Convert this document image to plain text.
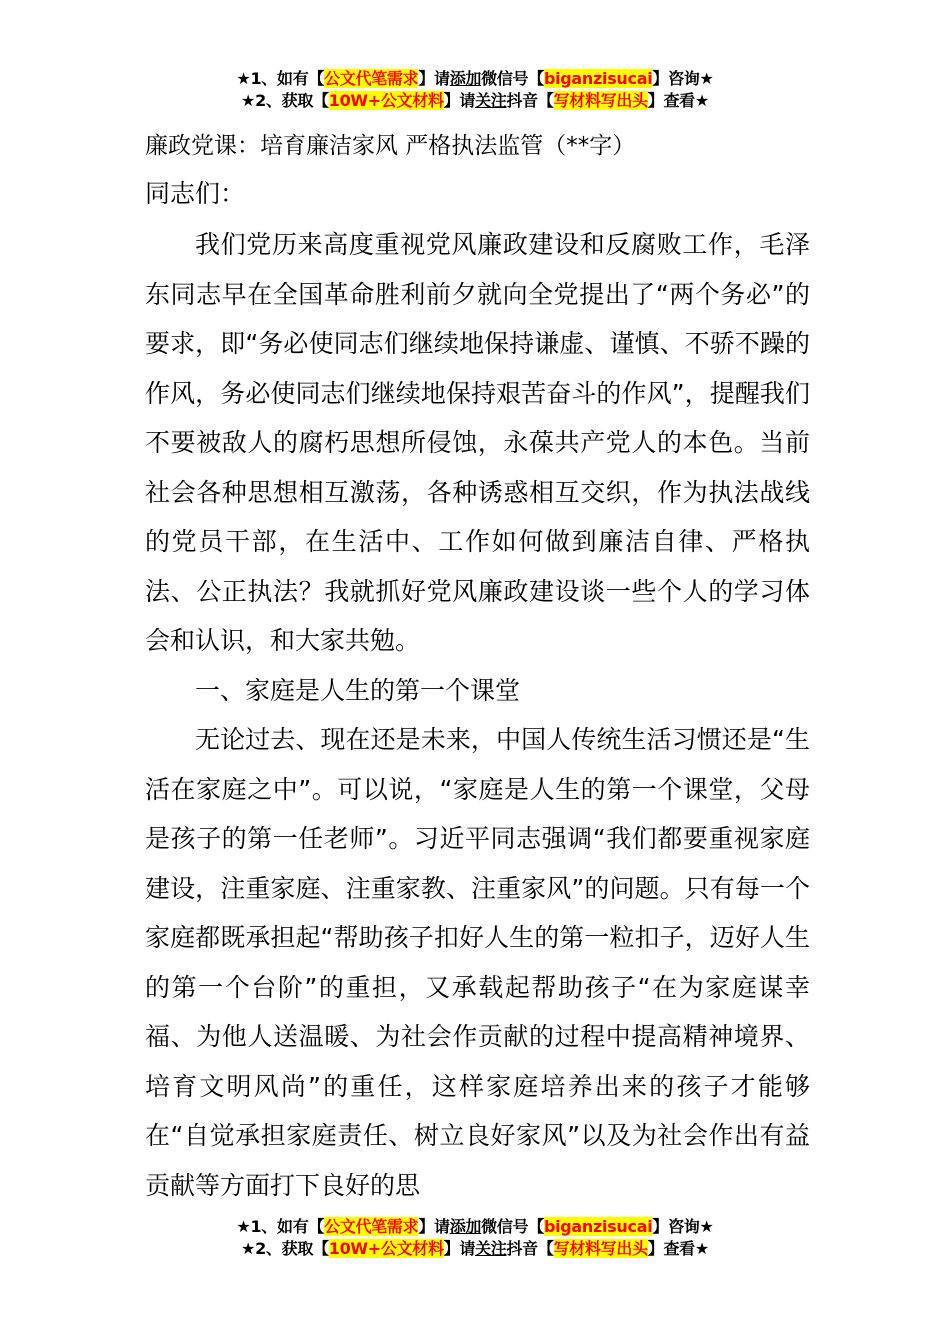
★1、如有【公文代笔需求】请添加微信号【biganzisucai】咨询★
★2、获取【10W+公文材料】请关注抖音【写材料写出头】查看★
廉政党课：培育廉洁家风 严格执法监管（**字）
同志们：

我们党历来高度重视党风廉政建设和反腐败工作，毛泽东同志早在全国革命胜利前夕就向全党提出了“两个务必”的要求，即“务必使同志们继续地保持谦虚、谨慎、不骄不躁的作风，务必使同志们继续地保持艰苦奋斗的作风”，提醒我们不要被敌人的腐朽思想所侵蚀，永葆共产党人的本色。当前社会各种思想相互激荡，各种诱惑相互交织，作为执法战线的党员干部，在生活中、工作如何做到廉洁自律、严格执法、公正执法？我就抓好党风廉政建设谈一些个人的学习体会和认识，和大家共勉。

一、家庭是人生的第一个课堂

无论过去、现在还是未来，中国人传统生活习惯还是“生活在家庭之中”。可以说，“家庭是人生的第一个课堂，父母是孩子的第一任老师”。习近平同志强调“我们都要重视家庭建设，注重家庭、注重家教、注重家风”的问题。只有每一个家庭都既承担起“帮助孩子扣好人生的第一粒扣子，迈好人生的第一个台阶”的重担，又承载起帮助孩子“在为家庭谋幸福、为他人送温暖、为社会作贡献的过程中提高精神境界、培育文明风尚”的重任，这样家庭培养出来的孩子才能够在“自觉承担家庭责任、树立良好家风”以及为社会作出有益贡献等方面打下良好的思

★1、如有【公文代笔需求】请添加微信号【biganzisucai】咨询★
★2、获取【10W+公文材料】请关注抖音【写材料写出头】查看★
